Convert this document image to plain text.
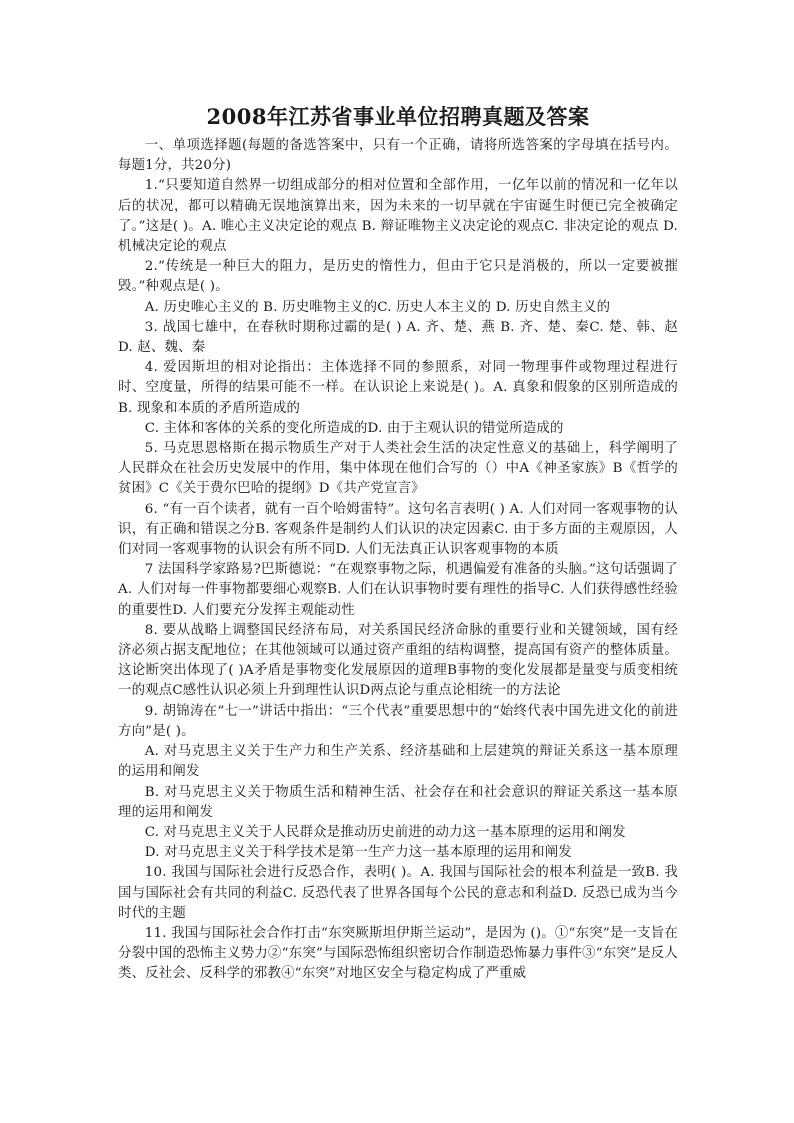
2008年江苏省事业单位招聘真题及答案

一、单项选择题(每题的备选答案中，只有一个正确，请将所选答案的字母填在括号内。每题1分，共20分)

1.“只要知道自然界一切组成部分的相对位置和全部作用，一亿年以前的情况和一亿年以后的状况，都可以精确无误地演算出来，因为未来的一切早就在宇宙诞生时便已完全被确定了。”这是( )。A. 唯心主义决定论的观点 B. 辩证唯物主义决定论的观点C. 非决定论的观点 D. 机械决定论的观点

2.“传统是一种巨大的阻力，是历史的惰性力，但由于它只是消极的，所以一定要被摧毁。”种观点是( )。

A. 历史唯心主义的 B. 历史唯物主义的C. 历史人本主义的 D. 历史自然主义的

3. 战国七雄中，在春秋时期称过霸的是( ) A. 齐、楚、燕 B. 齐、楚、秦C. 楚、韩、赵 D. 赵、魏、秦

4. 爱因斯坦的相对论指出：主体选择不同的参照系，对同一物理事件或物理过程进行时、空度量，所得的结果可能不一样。在认识论上来说是( )。A. 真象和假象的区别所造成的B. 现象和本质的矛盾所造成的

C. 主体和客体的关系的变化所造成的D. 由于主观认识的错觉所造成的

5. 马克思恩格斯在揭示物质生产对于人类社会生活的决定性意义的基础上，科学阐明了人民群众在社会历史发展中的作用，集中体现在他们合写的（）中A《神圣家族》B《哲学的贫困》C《关于费尔巴哈的提纲》D《共产党宣言》

6. “有一百个读者，就有一百个哈姆雷特”。这句名言表明( ) A. 人们对同一客观事物的认识，有正确和错误之分B. 客观条件是制约人们认识的决定因素C. 由于多方面的主观原因，人们对同一客观事物的认识会有所不同D. 人们无法真正认识客观事物的本质

7 法国科学家路易?巴斯德说：“在观察事物之际，机遇偏爱有准备的头脑。”这句话强调了A. 人们对每一件事物都要细心观察B. 人们在认识事物时要有理性的指导C. 人们获得感性经验的重要性D. 人们要充分发挥主观能动性

8. 要从战略上调整国民经济布局，对关系国民经济命脉的重要行业和关键领域，国有经济必须占据支配地位；在其他领域可以通过资产重组的结构调整，提高国有资产的整体质量。这论断突出体现了( )A矛盾是事物变化发展原因的道理B事物的变化发展都是量变与质变相统一的观点C感性认识必须上升到理性认识D两点论与重点论相统一的方法论

9. 胡锦涛在“七一”讲话中指出：“三个代表”重要思想中的“始终代表中国先进文化的前进方向”是( )。

A. 对马克思主义关于生产力和生产关系、经济基础和上层建筑的辩证关系这一基本原理的运用和阐发

B. 对马克思主义关于物质生活和精神生活、社会存在和社会意识的辩证关系这一基本原理的运用和阐发

C. 对马克思主义关于人民群众是推动历史前进的动力这一基本原理的运用和阐发

D. 对马克思主义关于科学技术是第一生产力这一基本原理的运用和阐发

10. 我国与国际社会进行反恐合作，表明( )。A. 我国与国际社会的根本利益是一致B. 我国与国际社会有共同的利益C. 反恐代表了世界各国每个公民的意志和利益D. 反恐已成为当今时代的主题

11. 我国与国际社会合作打击“东突厥斯坦伊斯兰运动”，是因为 ()。①“东突”是一支旨在分裂中国的恐怖主义势力②“东突”与国际恐怖组织密切合作制造恐怖暴力事件③“东突”是反人类、反社会、反科学的邪教④“东突”对地区安全与稳定构成了严重威
